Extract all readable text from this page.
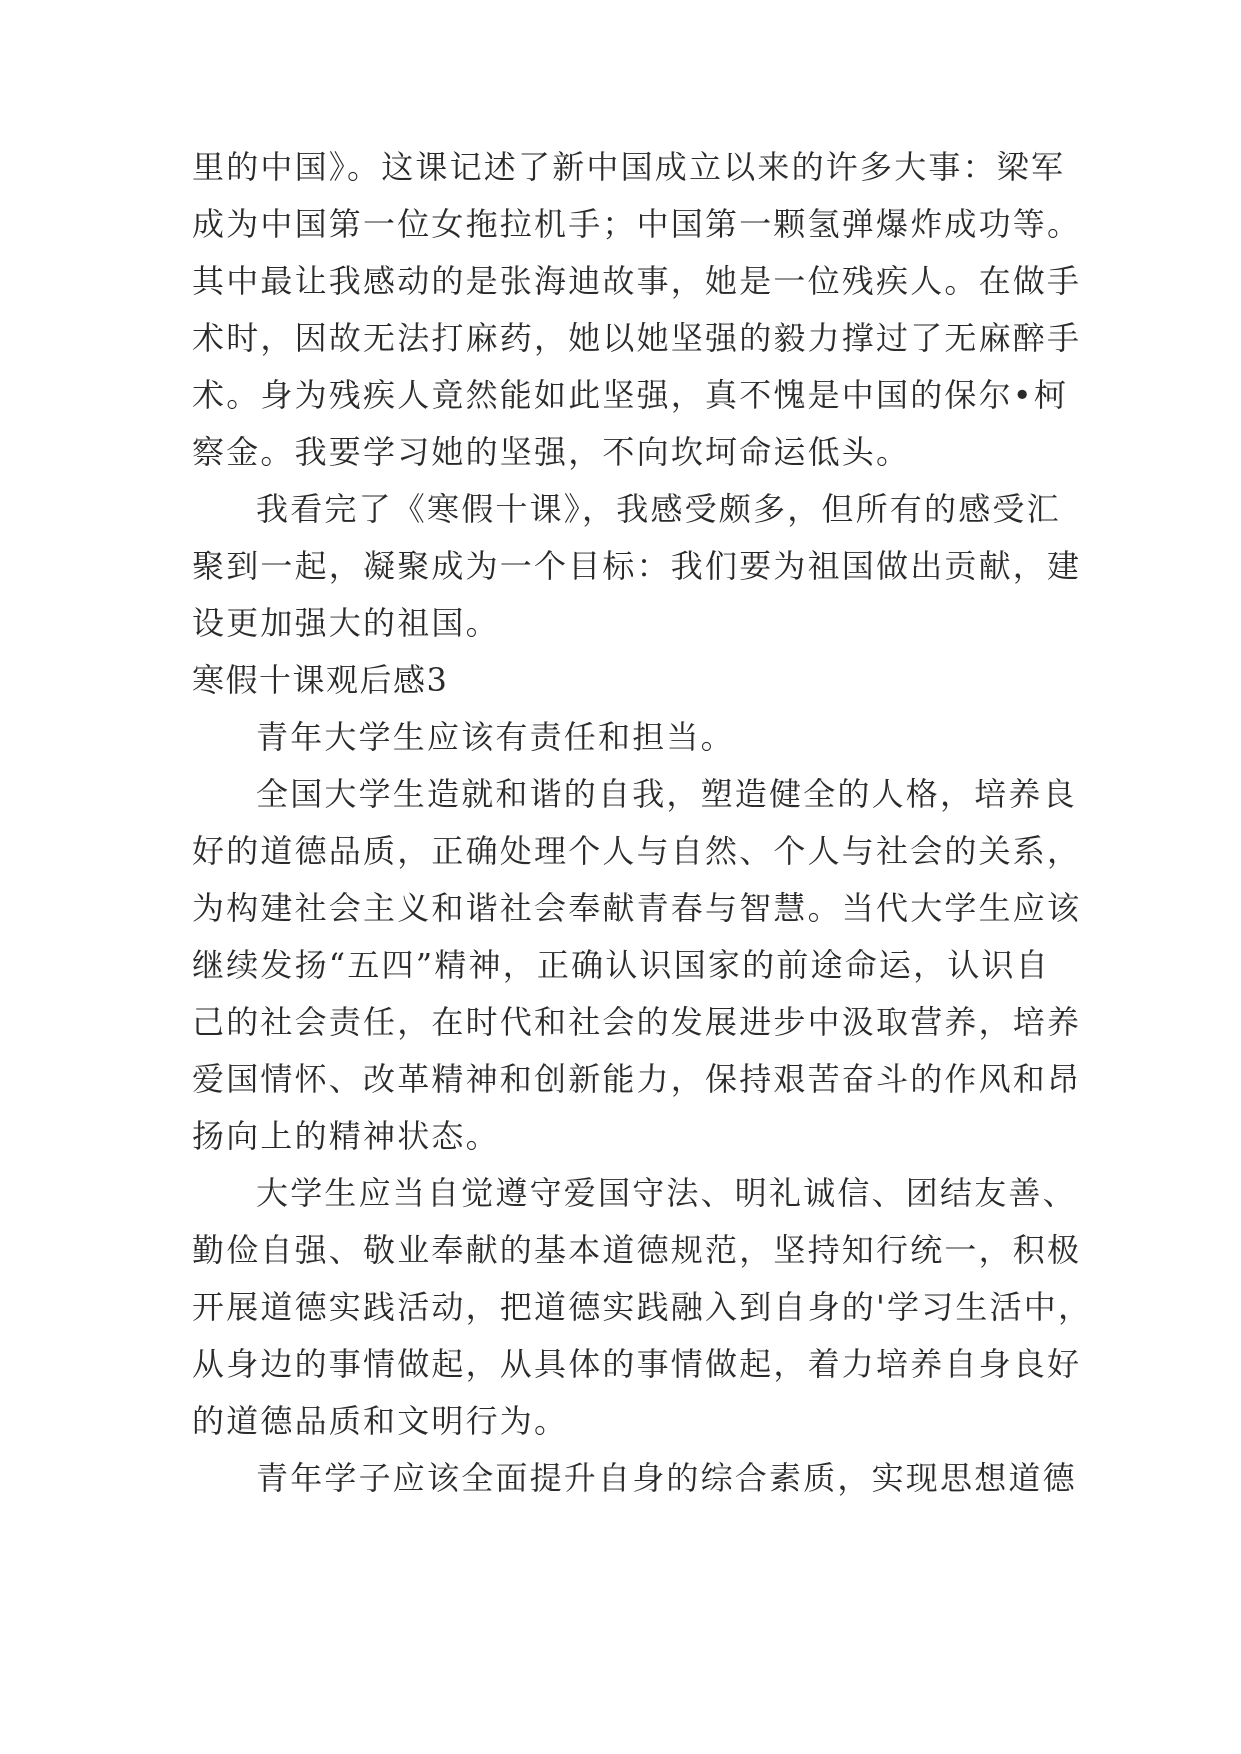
里的中国》。这课记述了新中国成立以来的许多大事：梁军

成为中国第一位女拖拉机手；中国第一颗氢弹爆炸成功等。

其中最让我感动的是张海迪故事，她是一位残疾人。在做手

术时，因故无法打麻药，她以她坚强的毅力撑过了无麻醉手

术。身为残疾人竟然能如此坚强，真不愧是中国的保尔•柯

察金。我要学习她的坚强，不向坎坷命运低头。

我看完了《寒假十课》，我感受颇多，但所有的感受汇

聚到一起，凝聚成为一个目标：我们要为祖国做出贡献，建

设更加强大的祖国。

寒假十课观后感3

青年大学生应该有责任和担当。

全国大学生造就和谐的自我，塑造健全的人格，培养良

好的道德品质，正确处理个人与自然、个人与社会的关系，

为构建社会主义和谐社会奉献青春与智慧。当代大学生应该

继续发扬“五四”精神，正确认识国家的前途命运，认识自

己的社会责任，在时代和社会的发展进步中汲取营养，培养

爱国情怀、改革精神和创新能力，保持艰苦奋斗的作风和昂

扬向上的精神状态。

大学生应当自觉遵守爱国守法、明礼诚信、团结友善、

勤俭自强、敬业奉献的基本道德规范，坚持知行统一，积极

开展道德实践活动，把道德实践融入到自身的'学习生活中，

从身边的事情做起，从具体的事情做起，着力培养自身良好

的道德品质和文明行为。

青年学子应该全面提升自身的综合素质，实现思想道德
